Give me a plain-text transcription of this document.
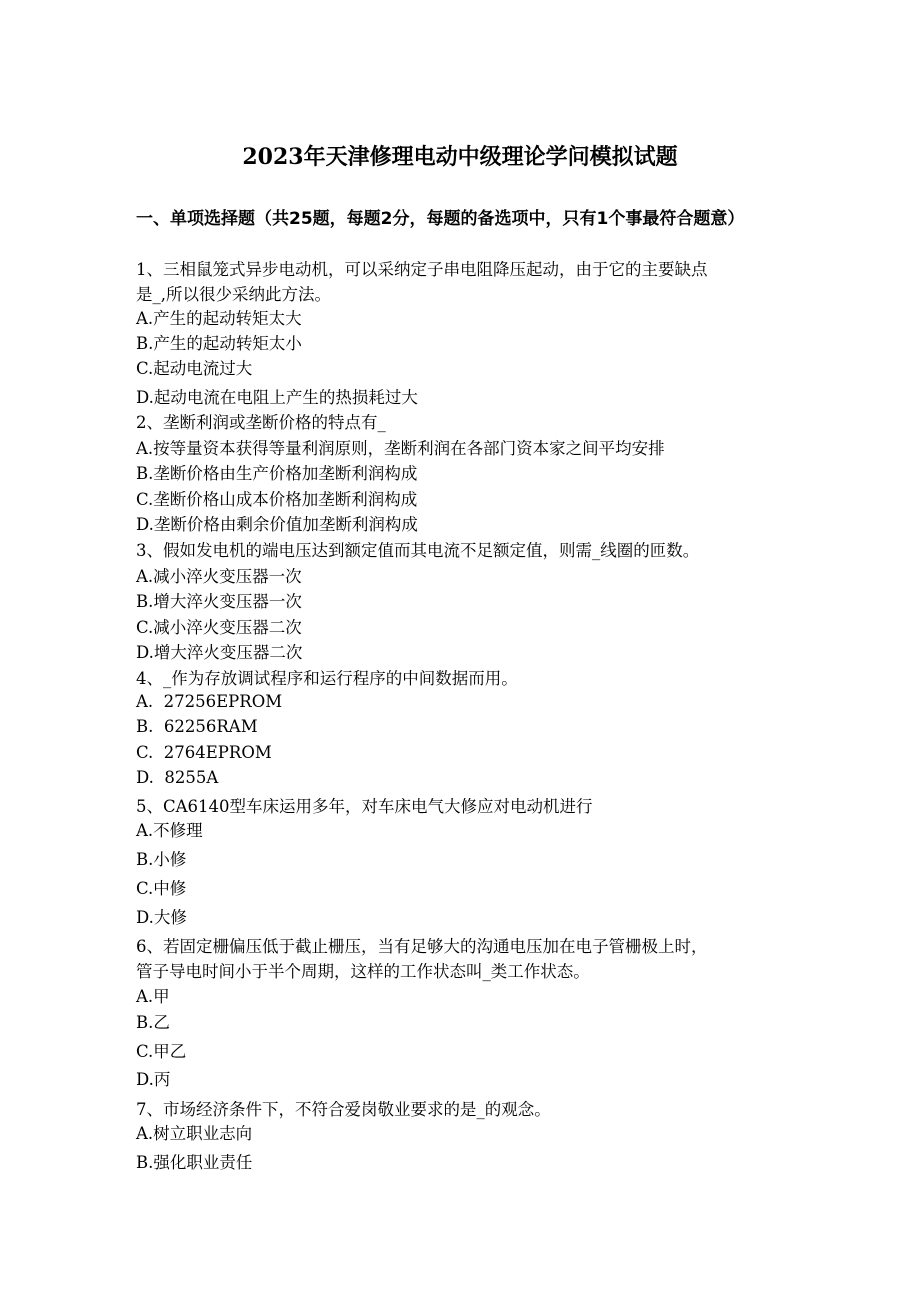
2023年天津修理电动中级理论学问模拟试题
一、单项选择题（共25题，每题2分，每题的备选项中，只有1个事最符合题意）
1、三相鼠笼式异步电动机，可以采纳定子串电阻降压起动，由于它的主要缺点
是_,所以很少采纳此方法。
A.产生的起动转矩太大
B.产生的起动转矩太小
C.起动电流过大
D.起动电流在电阻上产生的热损耗过大
2、垄断利润或垄断价格的特点有_
A.按等量资本获得等量利润原则，垄断利润在各部门资本家之间平均安排
B.垄断价格由生产价格加垄断利润构成
C.垄断价格山成本价格加垄断利润构成
D.垄断价格由剩余价值加垄断利润构成
3、假如发电机的端电压达到额定值而其电流不足额定值，则需_线圈的匝数。
A.减小淬火变压器一次
B.增大淬火变压器一次
C.减小淬火变压器二次
D.增大淬火变压器二次
4、_作为存放调试程序和运行程序的中间数据而用。
A.  27256EPROM
B.  62256RAM
C.  2764EPROM
D.  8255A
5、CA6140型车床运用多年，对车床电气大修应对电动机进行
A.不修理
B.小修
C.中修
D.大修
6、若固定栅偏压低于截止栅压，当有足够大的沟通电压加在电子管栅极上时，
管子导电时间小于半个周期，这样的工作状态叫_类工作状态。
A.甲
B.乙
C.甲乙
D.丙
7、市场经济条件下，不符合爱岗敬业要求的是_的观念。
A.树立职业志向
B.强化职业责任
